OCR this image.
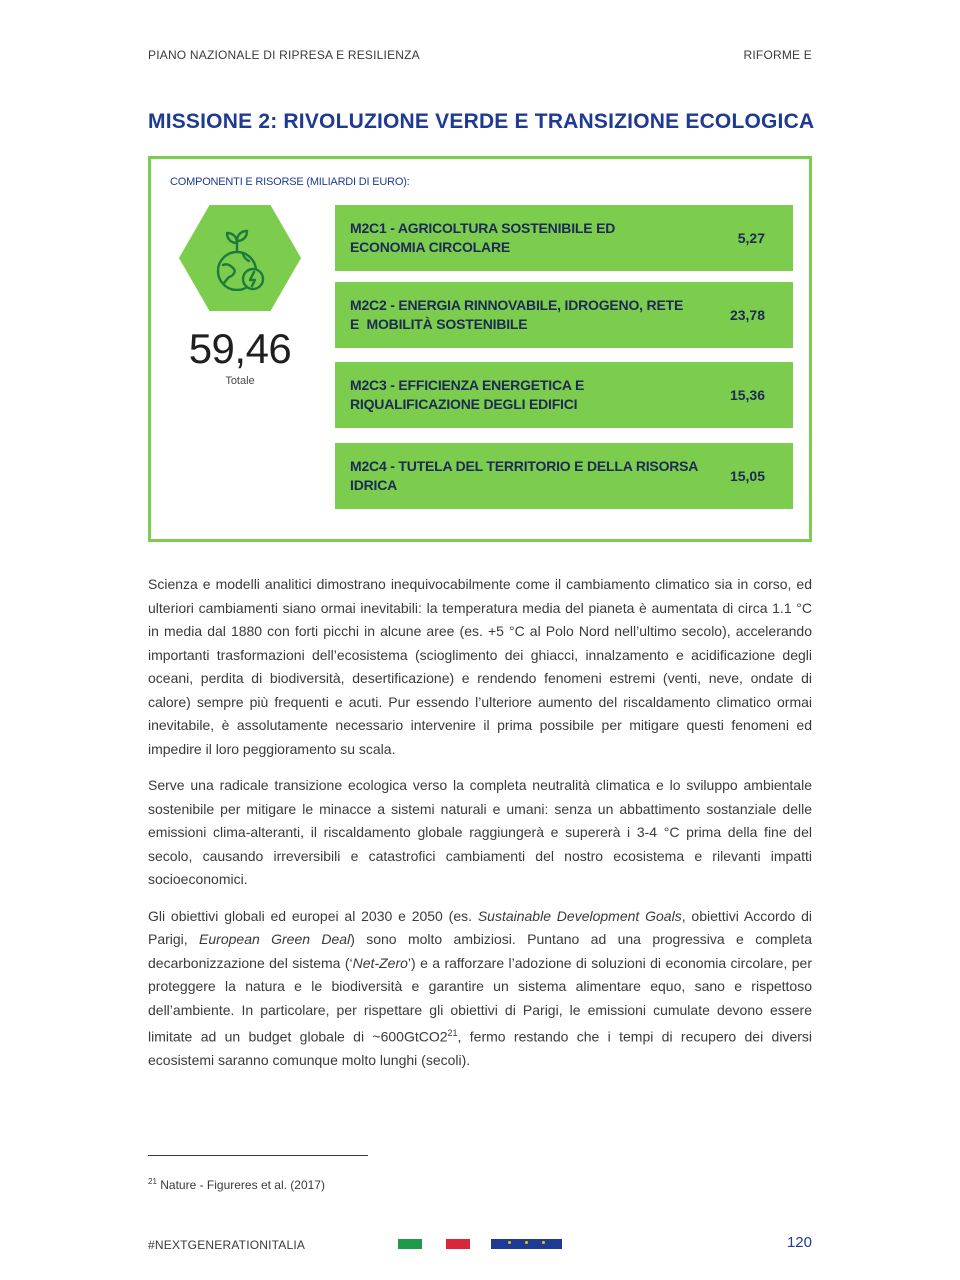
PIANO NAZIONALE DI RIPRESA E RESILIENZA	RIFORME E
MISSIONE 2: RIVOLUZIONE VERDE E TRANSIZIONE ECOLOGICA
COMPONENTI E RISORSE (MILIARDI DI EURO):
59,46
Totale
M2C1 - AGRICOLTURA SOSTENIBILE ED
ECONOMIA CIRCOLARE
5,27
M2C2 - ENERGIA RINNOVABILE, IDROGENO, RETE
E  MOBILITÀ SOSTENIBILE
23,78
M2C3 - EFFICIENZA ENERGETICA E
RIQUALIFICAZIONE DEGLI EDIFICI
15,36
M2C4 - TUTELA DEL TERRITORIO E DELLA RISORSA
IDRICA
15,05

Scienza e modelli analitici dimostrano inequivocabilmente come il cambiamento climatico sia in corso, ed ulteriori cambiamenti siano ormai inevitabili: la temperatura media del pianeta è aumentata di circa 1.1 °C in media dal 1880 con forti picchi in alcune aree (es. +5 °C al Polo Nord nell’ultimo secolo), accelerando importanti trasformazioni dell’ecosistema (scioglimento dei ghiacci, innalzamento e acidificazione degli oceani, perdita di biodiversità, desertificazione) e rendendo fenomeni estremi (venti, neve, ondate di calore) sempre più frequenti e acuti. Pur essendo l’ulteriore aumento del riscaldamento climatico ormai inevitabile, è assolutamente necessario intervenire il prima possibile per mitigare questi fenomeni ed impedire il loro peggioramento su scala.

Serve una radicale transizione ecologica verso la completa neutralità climatica e lo sviluppo ambientale sostenibile per mitigare le minacce a sistemi naturali e umani: senza un abbattimento sostanziale delle emissioni clima-alteranti, il riscaldamento globale raggiungerà e supererà i 3-4 °C prima della fine del secolo, causando irreversibili e catastrofici cambiamenti del nostro ecosistema e rilevanti impatti socioeconomici.

Gli obiettivi globali ed europei al 2030 e 2050 (es. Sustainable Development Goals, obiettivi Accordo di Parigi, European Green Deal) sono molto ambiziosi. Puntano ad una progressiva e completa decarbonizzazione del sistema (‘Net-Zero’) e a rafforzare l’adozione di soluzioni di economia circolare, per proteggere la natura e le biodiversità e garantire un sistema alimentare equo, sano e rispettoso dell’ambiente. In particolare, per rispettare gli obiettivi di Parigi, le emissioni cumulate devono essere limitate ad un budget globale di $\sim 600GtCO2^{21}$, fermo restando che i tempi di recupero dei diversi ecosistemi saranno comunque molto lunghi (secoli).

$^{21}$ Nature - Figureres et al. (2017)
#NEXTGENERATIONITALIA	120
